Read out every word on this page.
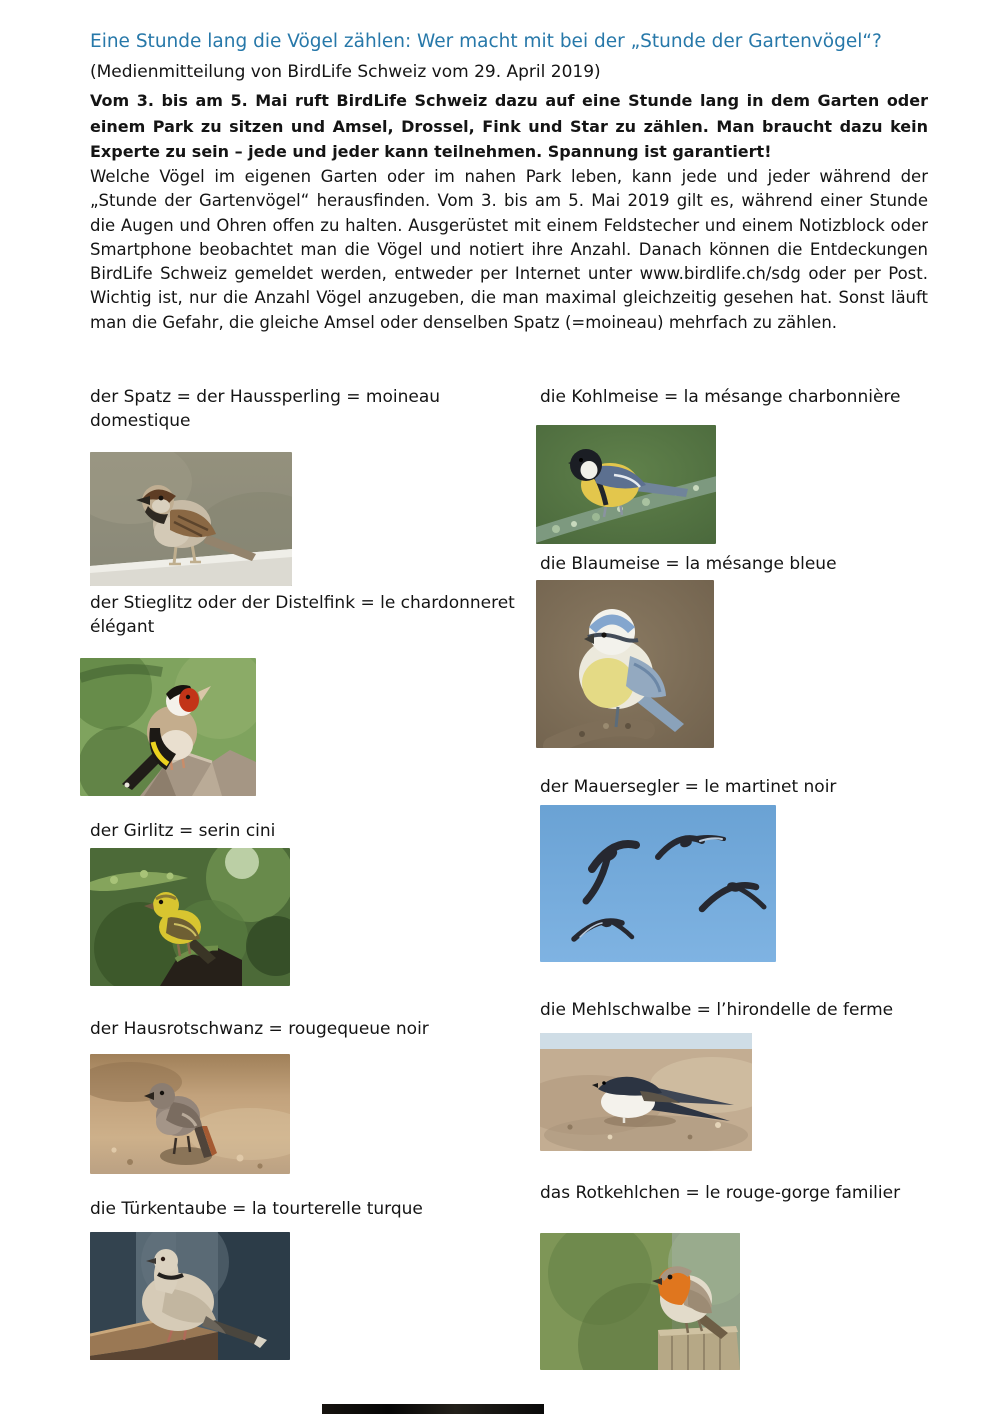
Eine Stunde lang die Vögel zählen: Wer macht mit bei der „Stunde der Gartenvögel“?
(Medienmitteilung von BirdLife Schweiz vom 29. April 2019)
Vom 3. bis am 5. Mai ruft BirdLife Schweiz dazu auf eine Stunde lang in dem Garten oder einem Park zu sitzen und Amsel, Drossel, Fink und Star zu zählen. Man braucht dazu kein Experte zu sein – jede und jeder kann teilnehmen. Spannung ist garantiert!
Welche Vögel im eigenen Garten oder im nahen Park leben, kann jede und jeder während der „Stunde der Gartenvögel“ herausfinden. Vom 3. bis am 5. Mai 2019 gilt es, während einer Stunde die Augen und Ohren offen zu halten. Ausgerüstet mit einem Feldstecher und einem Notizblock oder Smartphone beobachtet man die Vögel und notiert ihre Anzahl. Danach können die Entdeckungen BirdLife Schweiz gemeldet werden, entweder per Internet unter www.birdlife.ch/sdg oder per Post. Wichtig ist, nur die Anzahl Vögel anzugeben, die man maximal gleichzeitig gesehen hat. Sonst läuft man die Gefahr, die gleiche Amsel oder denselben Spatz (=moineau) mehrfach zu zählen.
der Spatz = der Haussperling = moineau domestique
der Stieglitz oder der Distelfink = le chardonneret élégant
der Girlitz = serin cini
der Hausrotschwanz = rougequeue noir
die Türkentaube = la tourterelle turque
die Kohlmeise = la mésange charbonnière
die Blaumeise = la mésange bleue
der Mauersegler = le martinet noir
die Mehlschwalbe = l’hirondelle de ferme
das Rotkehlchen = le rouge-gorge familier
